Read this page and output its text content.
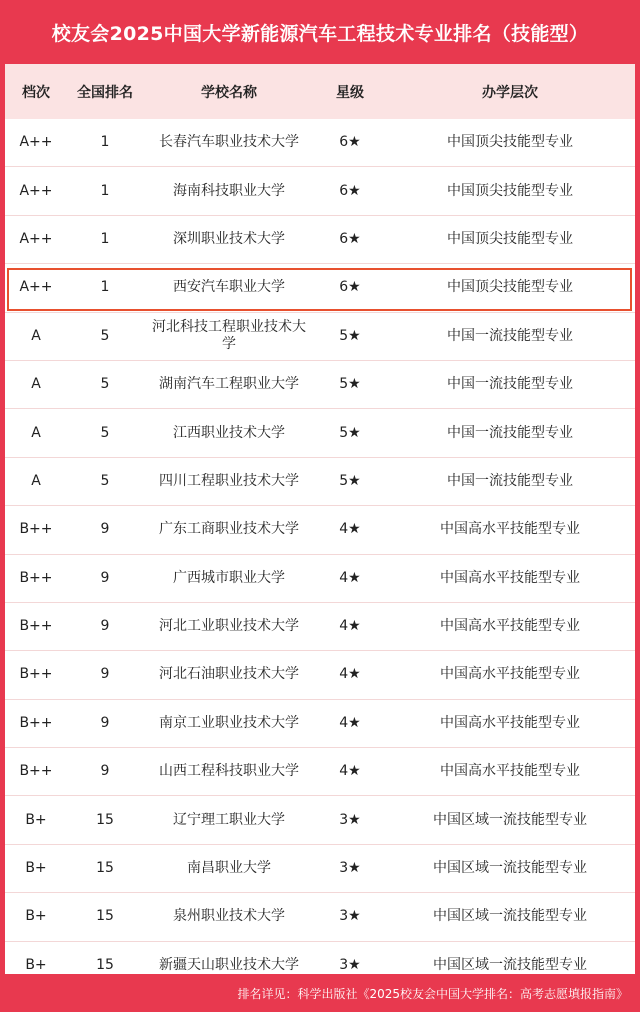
校友会2025中国大学新能源汽车工程技术专业排名（技能型）
档次	全国排名	学校名称	星级	办学层次
A++	1	长春汽车职业技术大学	6★	中国顶尖技能型专业
A++	1	海南科技职业大学	6★	中国顶尖技能型专业
A++	1	深圳职业技术大学	6★	中国顶尖技能型专业
A++	1	西安汽车职业大学	6★	中国顶尖技能型专业
A	5	河北科技工程职业技术大学	5★	中国一流技能型专业
A	5	湖南汽车工程职业大学	5★	中国一流技能型专业
A	5	江西职业技术大学	5★	中国一流技能型专业
A	5	四川工程职业技术大学	5★	中国一流技能型专业
B++	9	广东工商职业技术大学	4★	中国高水平技能型专业
B++	9	广西城市职业大学	4★	中国高水平技能型专业
B++	9	河北工业职业技术大学	4★	中国高水平技能型专业
B++	9	河北石油职业技术大学	4★	中国高水平技能型专业
B++	9	南京工业职业技术大学	4★	中国高水平技能型专业
B++	9	山西工程科技职业大学	4★	中国高水平技能型专业
B+	15	辽宁理工职业大学	3★	中国区域一流技能型专业
B+	15	南昌职业大学	3★	中国区域一流技能型专业
B+	15	泉州职业技术大学	3★	中国区域一流技能型专业
B+	15	新疆天山职业技术大学	3★	中国区域一流技能型专业
排名详见：科学出版社《2025校友会中国大学排名：高考志愿填报指南》
